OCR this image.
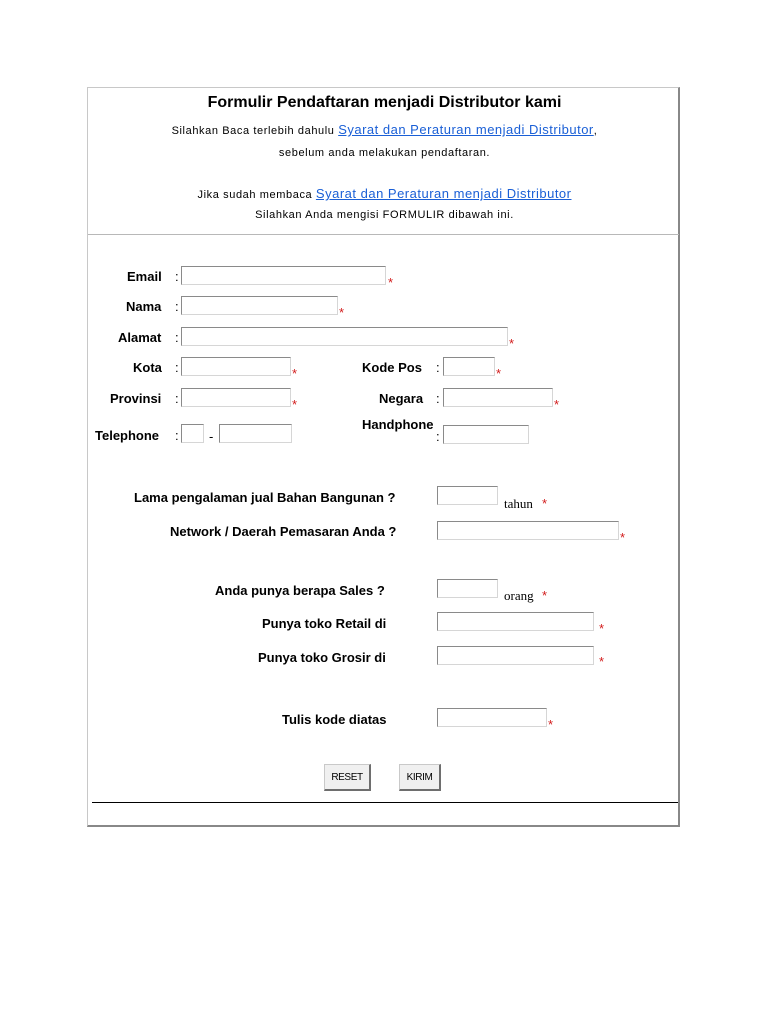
Formulir Pendaftaran menjadi Distributor kami
Silahkan Baca terlebih dahulu Syarat dan Peraturan menjadi Distributor,
sebelum anda melakukan pendaftaran.
Jika sudah membaca Syarat dan Peraturan menjadi Distributor
Silahkan Anda mengisi FORMULIR dibawah ini.
Email :	*
Nama :	*
Alamat :	*
Kota :	*	Kode Pos :	*
Provinsi :	*	Negara :	*
Telephone : -
Handphone
:
Lama pengalaman jual Bahan Bangunan ?	tahun *
Network / Daerah Pemasaran Anda ?	*
Anda punya berapa Sales ?	orang *
Punya toko Retail di	*
Punya toko Grosir di	*
Tulis kode diatas	*
RESET	KIRIM
